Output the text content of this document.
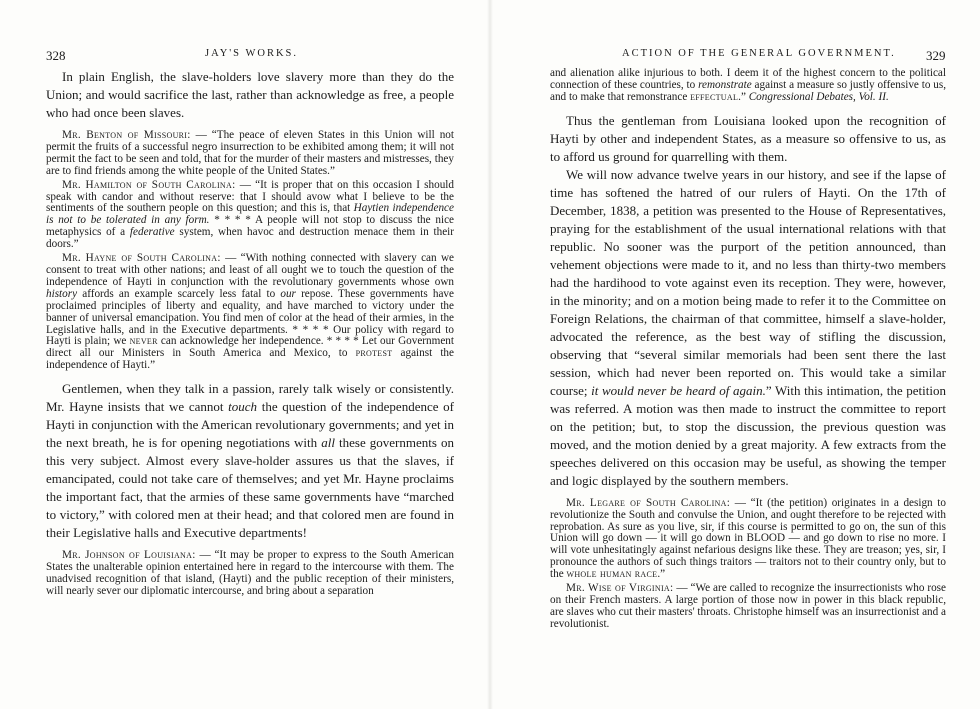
328	JAY'S WORKS.

In plain English, the slave-holders love slavery more than they do the Union; and would sacrifice the last, rather than acknowledge as free, a people who had once been slaves.

Mr. Benton of Missouri: — “The peace of eleven States in this Union will not permit the fruits of a successful negro insurrection to be exhibited among them; it will not permit the fact to be seen and told, that for the murder of their masters and mistresses, they are to find friends among the white people of the United States.”

Mr. Hamilton of South Carolina: — “It is proper that on this occasion I should speak with candor and without reserve: that I should avow what I believe to be the sentiments of the southern people on this question; and this is, that Haytien independence is not to be tolerated in any form. * * * * A people will not stop to discuss the nice metaphysics of a federative system, when havoc and destruction menace them in their doors.”

Mr. Hayne of South Carolina: — “With nothing connected with slavery can we consent to treat with other nations; and least of all ought we to touch the question of the independence of Hayti in conjunction with the revolutionary governments whose own history affords an example scarcely less fatal to our repose. These governments have proclaimed principles of liberty and equality, and have marched to victory under the banner of universal emancipation. You find men of color at the head of their armies, in the Legislative halls, and in the Executive departments. * * * * Our policy with regard to Hayti is plain; we never can acknowledge her independence. * * * * Let our Government direct all our Ministers in South America and Mexico, to protest against the independence of Hayti.”

Gentlemen, when they talk in a passion, rarely talk wisely or consistently. Mr. Hayne insists that we cannot touch the question of the independence of Hayti in conjunction with the American revolutionary governments; and yet in the next breath, he is for opening negotiations with all these governments on this very subject. Almost every slave-holder assures us that the slaves, if emancipated, could not take care of themselves; and yet Mr. Hayne proclaims the important fact, that the armies of these same governments have “marched to victory,” with colored men at their head; and that colored men are found in their Legislative halls and Executive departments!

Mr. Johnson of Louisiana: — “It may be proper to express to the South American States the unalterable opinion entertained here in regard to the intercourse with them. The unadvised recognition of that island, (Hayti) and the public reception of their ministers, will nearly sever our diplomatic intercourse, and bring about a separation

ACTION OF THE GENERAL GOVERNMENT. 329

and alienation alike injurious to both. I deem it of the highest concern to the political connection of these countries, to remonstrate against a measure so justly offensive to us, and to make that remonstrance effectual.” Congressional Debates, Vol. II.

Thus the gentleman from Louisiana looked upon the recognition of Hayti by other and independent States, as a measure so offensive to us, as to afford us ground for quarrelling with them.

We will now advance twelve years in our history, and see if the lapse of time has softened the hatred of our rulers of Hayti. On the 17th of December, 1838, a petition was presented to the House of Representatives, praying for the establishment of the usual international relations with that republic. No sooner was the purport of the petition announced, than vehement objections were made to it, and no less than thirty-two members had the hardihood to vote against even its reception. They were, however, in the minority; and on a motion being made to refer it to the Committee on Foreign Relations, the chairman of that committee, himself a slave-holder, advocated the reference, as the best way of stifling the discussion, observing that “several similar memorials had been sent there the last session, which had never been reported on. This would take a similar course; it would never be heard of again.” With this intimation, the petition was referred. A motion was then made to instruct the committee to report on the petition; but, to stop the discussion, the previous question was moved, and the motion denied by a great majority. A few extracts from the speeches delivered on this occasion may be useful, as showing the temper and logic displayed by the southern members.

Mr. Legare of South Carolina: — “It (the petition) originates in a design to revolutionize the South and convulse the Union, and ought therefore to be rejected with reprobation. As sure as you live, sir, if this course is permitted to go on, the sun of this Union will go down — it will go down in BLOOD — and go down to rise no more. I will vote unhesitatingly against nefarious designs like these. They are treason; yes, sir, I pronounce the authors of such things traitors — traitors not to their country only, but to the whole human race.”

Mr. Wise of Virginia: — “We are called to recognize the insurrectionists who rose on their French masters. A large portion of those now in power in this black republic, are slaves who cut their masters' throats. Christophe himself was an insurrectionist and a revolutionist.
